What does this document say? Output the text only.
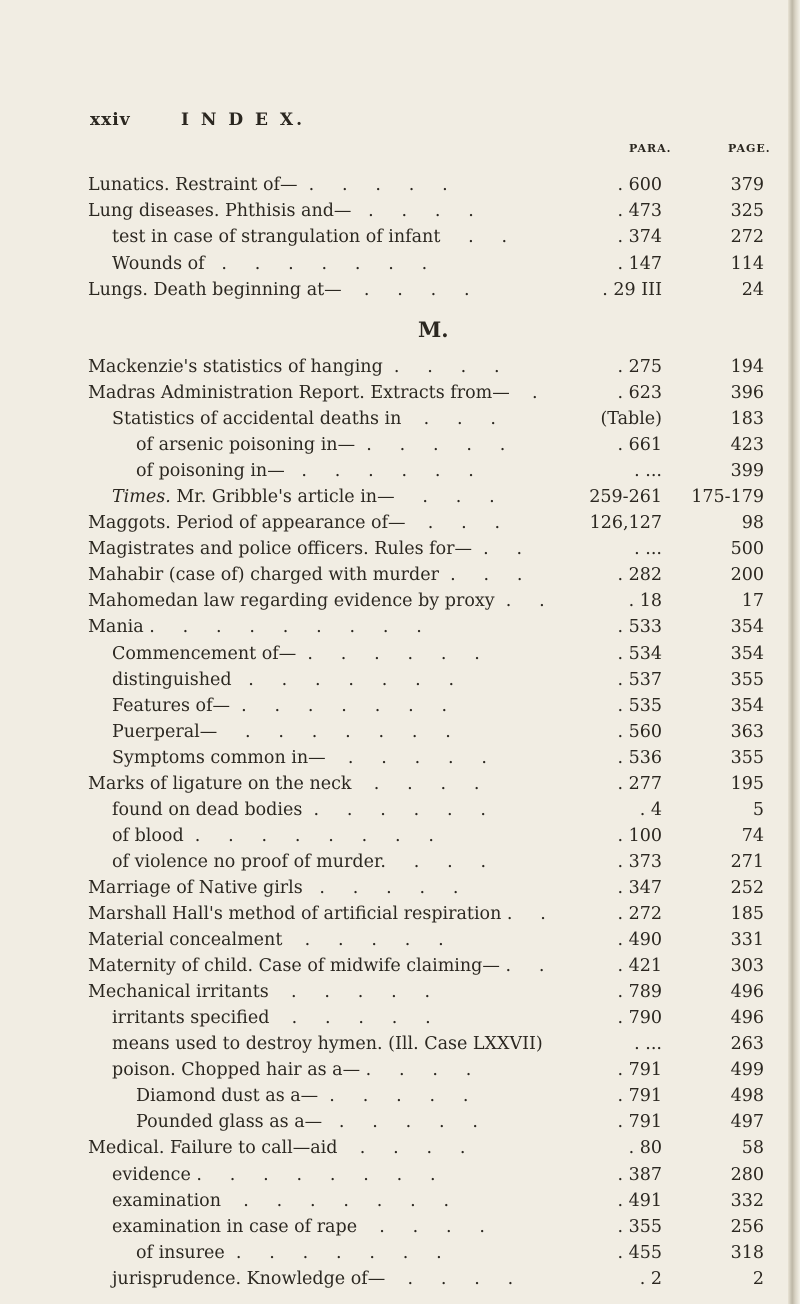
xxiv	I N D E X.
PARA.	PAGE.
M.
Lunatics. Restraint of—  .     .     .     .     .	. 600	379
Lung diseases. Phthisis and—   .     .     .     .	. 473	325
test in case of strangulation of infant     .     .	. 374	272
Wounds of   .     .     .     .     .     .     .	. 147	114
Lungs. Death beginning at—    .     .     .     .	. 29 III	24
Mackenzie's statistics of hanging  .     .     .     .	. 275	194
Madras Administration Report. Extracts from—    .	. 623	396
Statistics of accidental deaths in    .     .     .	(Table)	183
of arsenic poisoning in—  .     .     .     .     .	. 661	423
of poisoning in—   .     .     .     .     .     .	. ...	399
Times. Mr. Gribble's article in—     .     .     .	259-261 175-179
Maggots. Period of appearance of—    .     .     .	126,127	98
Magistrates and police officers. Rules for—  .     .	. ...	500
Mahabir (case of) charged with murder  .     .     .	. 282	200
Mahomedan law regarding evidence by proxy  .     .	. 18	17
Mania .     .     .     .     .     .     .     .     .	. 533	354
Commencement of—  .     .     .     .     .     .	. 534	354
distinguished   .     .     .     .     .     .     .	. 537	355
Features of—  .     .     .     .     .     .     .	. 535	354
Puerperal—     .     .     .     .     .     .     .	. 560	363
Symptoms common in—    .     .     .     .     .	. 536	355
Marks of ligature on the neck    .     .     .     .	. 277	195
found on dead bodies  .     .     .     .     .     .	. 4	5
of blood  .     .     .     .     .     .     .     .	. 100	74
of violence no proof of murder.     .     .     .	. 373	271
Marriage of Native girls   .     .     .     .     .	. 347	252
Marshall Hall's method of artificial respiration .     .	. 272	185
Material concealment    .     .     .     .     .	. 490	331
Maternity of child. Case of midwife claiming— .     .	. 421	303
Mechanical irritants    .     .     .     .     .	. 789	496
irritants specified    .     .     .     .     .	. 790	496
means used to destroy hymen. (Ill. Case LXXVII)	. ...	263
poison. Chopped hair as a— .     .     .     .	. 791	499
Diamond dust as a—  .     .     .     .     .	. 791	498
Pounded glass as a—   .     .     .     .     .	. 791	497
Medical. Failure to call—aid    .     .     .     .	. 80	58
evidence .     .     .     .     .     .     .     .	. 387	280
examination    .     .     .     .     .     .     .	. 491	332
examination in case of rape    .     .     .     .	. 355	256
of insuree  .     .     .     .     .     .     .	. 455	318
jurisprudence. Knowledge of—    .     .     .     .	. 2	2
